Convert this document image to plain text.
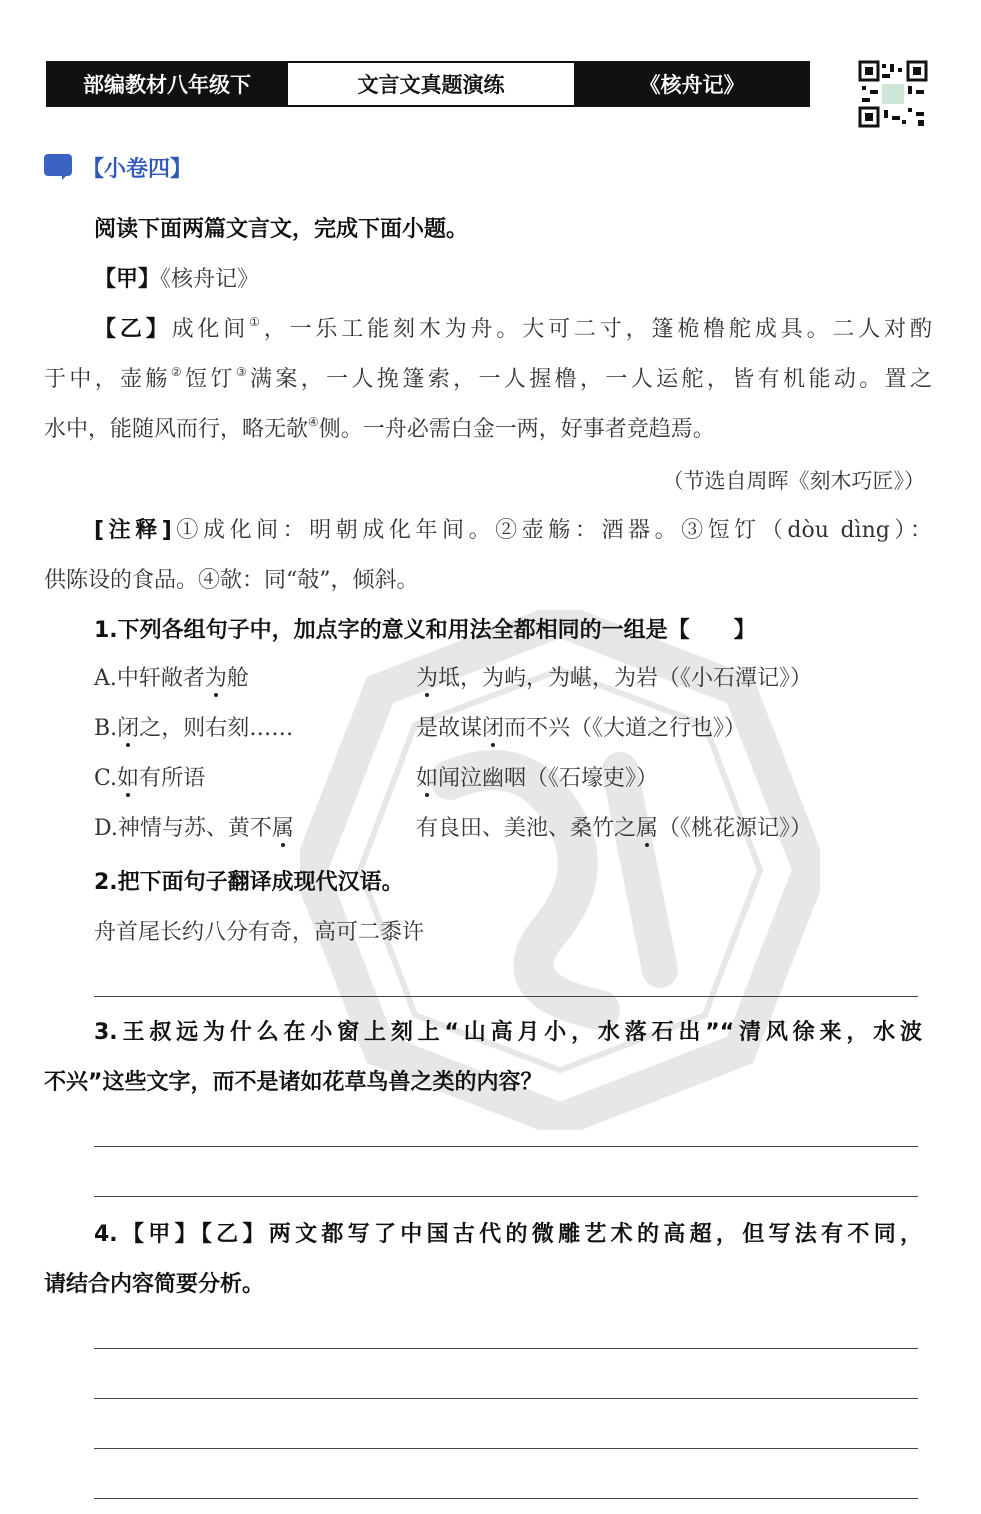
部编教材八年级下	文言文真题演练	《核舟记》
【小卷四】
阅读下面两篇文言文，完成下面小题。
【甲】《核舟记》
【乙】成化间①，一乐工能刻木为舟。大可二寸，篷桅橹舵成具。二人对酌
于中，壶觞②饾饤③满案，一人挽篷索，一人握橹，一人运舵，皆有机能动。置之
水中，能随风而行，略无欹④侧。一舟必需白金一两，好事者竞趋焉。
（节选自周晖《刻木巧匠》）
[注释]①成化间：明朝成化年间。②壶觞：酒器。③饾饤（dòu dìng）：
供陈设的食品。④欹：同“攲”，倾斜。
1.下列各组句子中，加点字的意义和用法全都相同的一组是【　　】
A.中轩敞者为舱	为坻，为屿，为嵁，为岩（《小石潭记》）
B.闭之，则右刻……	是故谋闭而不兴（《大道之行也》）
C.如有所语	如闻泣幽咽（《石壕吏》）
D.神情与苏、黄不属	有良田、美池、桑竹之属（《桃花源记》）
2.把下面句子翻译成现代汉语。
舟首尾长约八分有奇，高可二黍许
3.王叔远为什么在小窗上刻上“山高月小，水落石出”“清风徐来，水波
不兴”这些文字，而不是诸如花草鸟兽之类的内容？
4.【甲】【乙】两文都写了中国古代的微雕艺术的高超，但写法有不同，
请结合内容简要分析。
